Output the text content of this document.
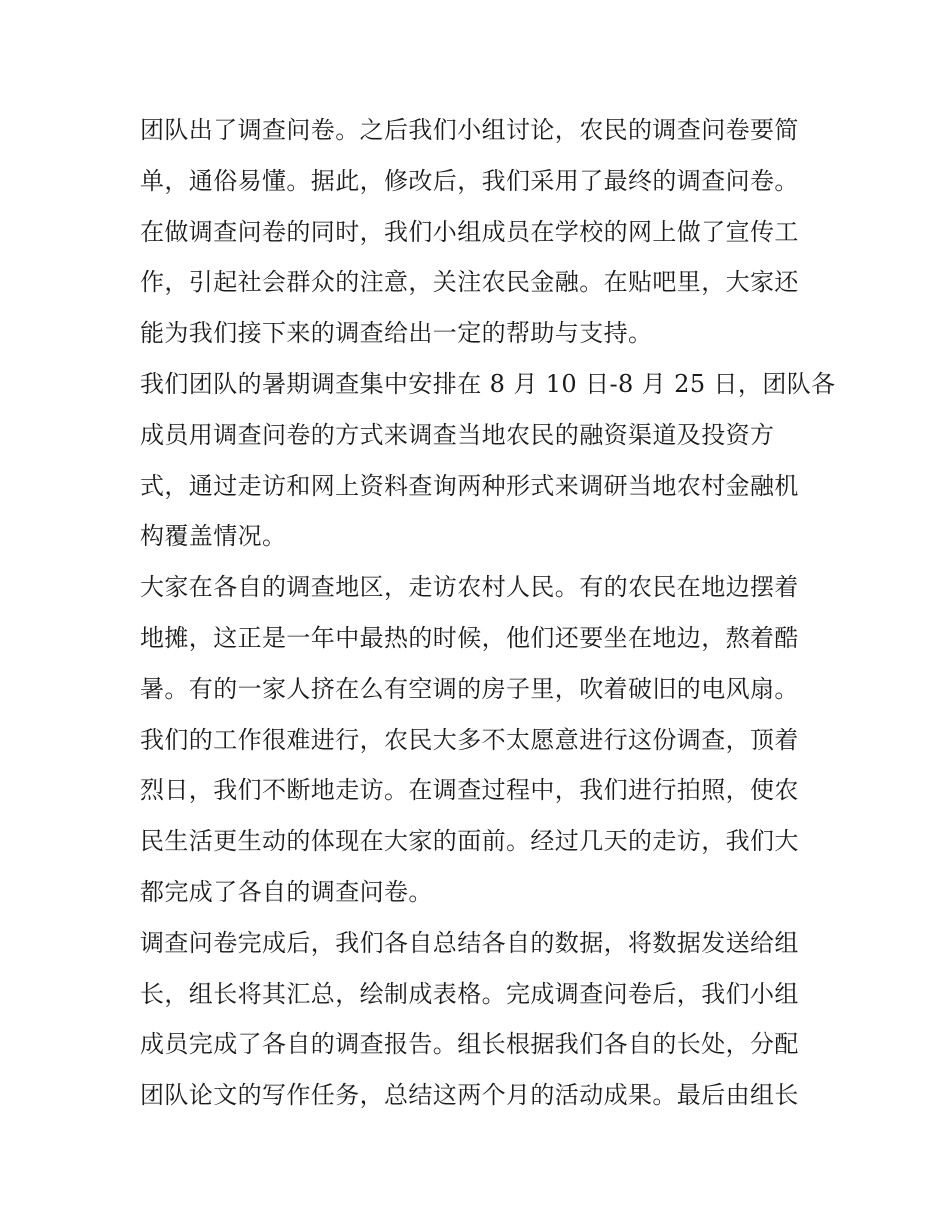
团队出了调查问卷。之后我们小组讨论，农民的调查问卷要简
单，通俗易懂。据此，修改后，我们采用了最终的调查问卷。
在做调查问卷的同时，我们小组成员在学校的网上做了宣传工
作，引起社会群众的注意，关注农民金融。在贴吧里，大家还
能为我们接下来的调查给出一定的帮助与支持。
我们团队的暑期调查集中安排在 8 月 10 日-8 月 25 日，团队各
成员用调查问卷的方式来调查当地农民的融资渠道及投资方
式，通过走访和网上资料查询两种形式来调研当地农村金融机
构覆盖情况。
大家在各自的调查地区，走访农村人民。有的农民在地边摆着
地摊，这正是一年中最热的时候，他们还要坐在地边，熬着酷
暑。有的一家人挤在么有空调的房子里，吹着破旧的电风扇。
我们的工作很难进行，农民大多不太愿意进行这份调查，顶着
烈日，我们不断地走访。在调查过程中，我们进行拍照，使农
民生活更生动的体现在大家的面前。经过几天的走访，我们大
都完成了各自的调查问卷。
调查问卷完成后，我们各自总结各自的数据，将数据发送给组
长，组长将其汇总，绘制成表格。完成调查问卷后，我们小组
成员完成了各自的调查报告。组长根据我们各自的长处，分配
团队论文的写作任务，总结这两个月的活动成果。最后由组长
